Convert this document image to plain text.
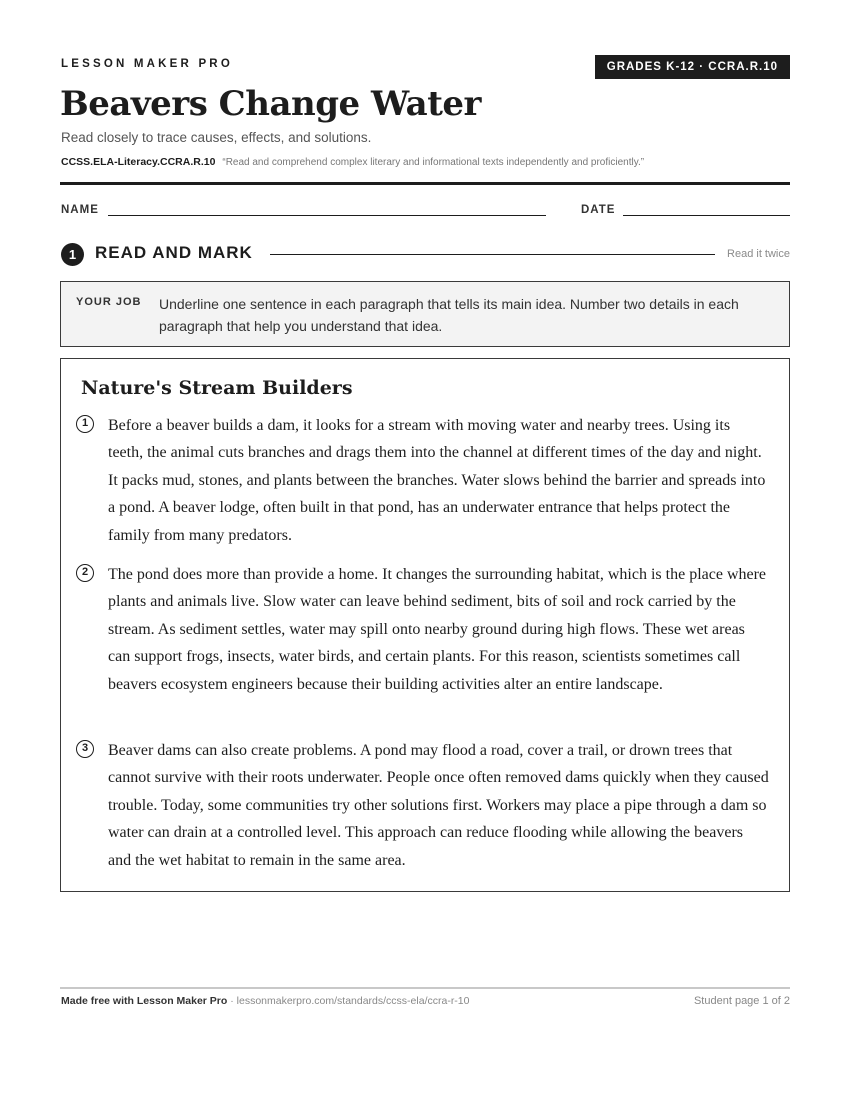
LESSON MAKER PRO	GRADES K-12 · CCRA.R.10
Beavers Change Water
Read closely to trace causes, effects, and solutions.
CCSS.ELA-Literacy.CCRA.R.10 “Read and comprehend complex literary and informational texts independently and proficiently.”
NAME	DATE
1	READ AND MARK	Read it twice
YOUR JOB Underline one sentence in each paragraph that tells its main idea. Number two details in each paragraph that help you understand that idea.
Nature's Stream Builders
1	Before a beaver builds a dam, it looks for a stream with moving water and nearby trees. Using its teeth, the animal cuts branches and drags them into the channel at different times of the day and night. It packs mud, stones, and plants between the branches. Water slows behind the barrier and spreads into a pond. A beaver lodge, often built in that pond, has an underwater entrance that helps protect the family from many predators.

2	The pond does more than provide a home. It changes the surrounding habitat, which is the place where plants and animals live. Slow water can leave behind sediment, bits of soil and rock carried by the stream. As sediment settles, water may spill onto nearby ground during high flows. These wet areas can support frogs, insects, water birds, and certain plants. For this reason, scientists sometimes call beavers ecosystem engineers because their building activities alter an entire landscape.

3	Beaver dams can also create problems. A pond may flood a road, cover a trail, or drown trees that cannot survive with their roots underwater. People once often removed dams quickly when they caused trouble. Today, some communities try other solutions first. Workers may place a pipe through a dam so water can drain at a controlled level. This approach can reduce flooding while allowing the beavers and the wet habitat to remain in the same area.

Made free with Lesson Maker Pro · lessonmakerpro.com/standards/ccss-ela/ccra-r-10	Student page 1 of 2
